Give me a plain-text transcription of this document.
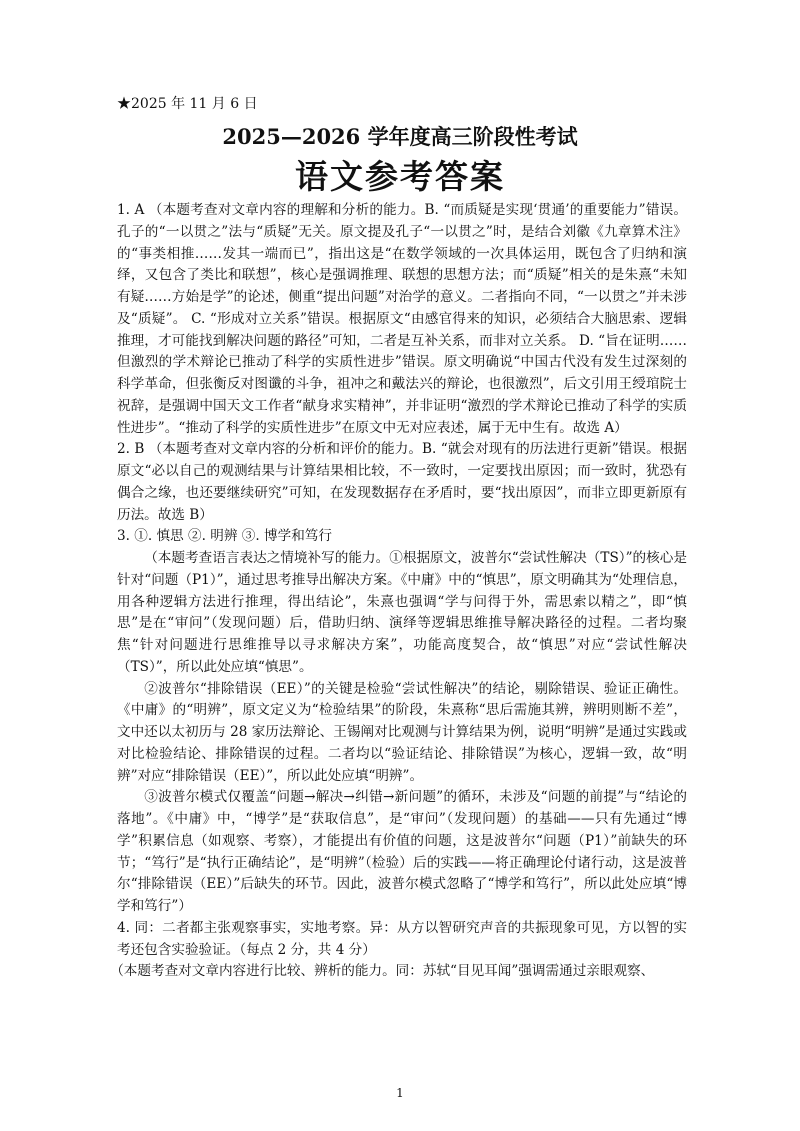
★2025 年 11 月 6 日
2025—2026 学年度高三阶段性考试
语文参考答案

1. A （本题考查对文章内容的理解和分析的能力。B. “而质疑是实现‘贯通’的重要能力”错误。孔子的“一以贯之”法与“质疑”无关。原文提及孔子“一以贯之”时，是结合刘徽《九章算术注》的“事类相推……发其一端而已”，指出这是“在数学领域的一次具体运用，既包含了归纳和演绎，又包含了类比和联想”，核心是强调推理、联想的思想方法；而“质疑”相关的是朱熹“未知有疑……方始是学”的论述，侧重“提出问题”对治学的意义。二者指向不同，“一以贯之”并未涉及“质疑”。 C. “形成对立关系”错误。根据原文“由感官得来的知识，必须结合大脑思索、逻辑推理，才可能找到解决问题的路径”可知，二者是互补关系，而非对立关系。 D. “旨在证明……但激烈的学术辩论已推动了科学的实质性进步”错误。原文明确说“中国古代没有发生过深刻的科学革命，但张衡反对图谶的斗争，祖冲之和戴法兴的辩论，也很激烈”，后文引用王绶琯院士祝辞，是强调中国天文工作者“献身求实精神”，并非证明“激烈的学术辩论已推动了科学的实质性进步”。“推动了科学的实质性进步”在原文中无对应表述，属于无中生有。故选 A）

2. B （本题考查对文章内容的分析和评价的能力。B. “就会对现有的历法进行更新”错误。根据原文“必以自己的观测结果与计算结果相比较，不一致时，一定要找出原因；而一致时，犹恐有偶合之缘，也还要继续研究”可知，在发现数据存在矛盾时，要“找出原因”，而非立即更新原有历法。故选 B）

3. ①. 慎思 ②. 明辨 ③. 博学和笃行

（本题考查语言表达之情境补写的能力。①根据原文，波普尔“尝试性解决（TS）”的核心是针对“问题（P1）”，通过思考推导出解决方案。《中庸》中的“慎思”，原文明确其为“处理信息，用各种逻辑方法进行推理，得出结论”，朱熹也强调“学与问得于外，需思索以精之”，即“慎思”是在“审问”（发现问题）后，借助归纳、演绎等逻辑思维推导解决路径的过程。二者均聚焦“针对问题进行思维推导以寻求解决方案”，功能高度契合，故“慎思”对应“尝试性解决（TS）”，所以此处应填“慎思”。

②波普尔“排除错误（EE）”的关键是检验“尝试性解决”的结论，剔除错误、验证正确性。《中庸》的“明辨”，原文定义为“检验结果”的阶段，朱熹称“思后需施其辨，辨明则断不差”，文中还以太初历与 28 家历法辩论、王锡阐对比观测与计算结果为例，说明“明辨”是通过实践或对比检验结论、排除错误的过程。二者均以“验证结论、排除错误”为核心，逻辑一致，故“明辨”对应“排除错误（EE）”，所以此处应填“明辨”。

③波普尔模式仅覆盖“问题→解决→纠错→新问题”的循环，未涉及“问题的前提”与“结论的落地”。《中庸》中，“博学”是“获取信息”，是“审问”（发现问题）的基础——只有先通过“博学”积累信息（如观察、考察），才能提出有价值的问题，这是波普尔“问题（P1）”前缺失的环节；“笃行”是“执行正确结论”，是“明辨”（检验）后的实践——将正确理论付诸行动，这是波普尔“排除错误（EE）”后缺失的环节。因此，波普尔模式忽略了“博学和笃行”，所以此处应填“博学和笃行”）

4. 同：二者都主张观察事实，实地考察。异：从方以智研究声音的共振现象可见，方以智的实考还包含实验验证。（每点 2 分，共 4 分）

（本题考查对文章内容进行比较、辨析的能力。同：苏轼“目见耳闻”强调需通过亲眼观察、

1
